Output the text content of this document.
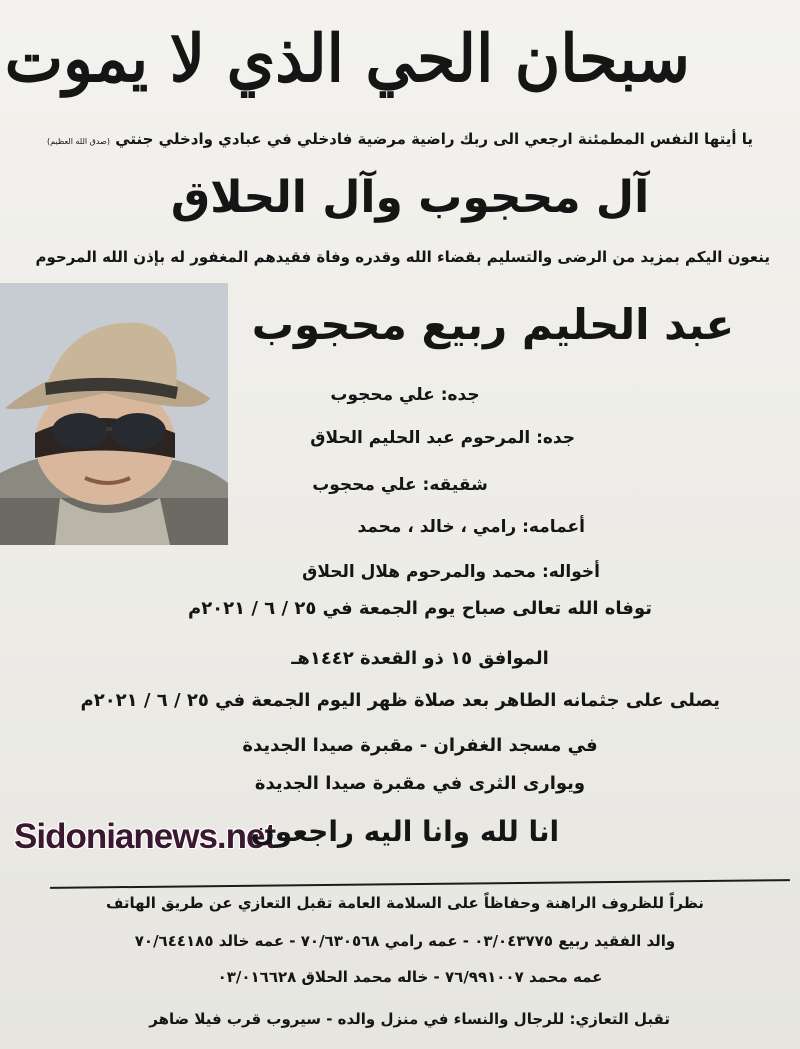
سبحان الحي الذي لا يموت
يا أيتها النفس المطمئنة ارجعي الى ربك راضية مرضية فادخلي في عبادي وادخلي جنتي (صدق الله العظيم)
آل محجوب وآل الحلاق
ينعون اليكم بمزيد من الرضى والتسليم بقضاء الله وقدره وفاة فقيدهم المغفور له بإذن الله المرحوم
عبد الحليم ربيع محجوب
جده: علي محجوب
جده: المرحوم عبد الحليم الحلاق
شقيقه: علي محجوب
أعمامه: رامي ، خالد ، محمد
أخواله: محمد والمرحوم هلال الحلاق
توفاه الله تعالى صباح يوم الجمعة في ٢٥ / ٦ / ٢٠٢١م
الموافق ١٥ ذو القعدة ١٤٤٢هـ
يصلى على جثمانه الطاهر بعد صلاة ظهر اليوم الجمعة في ٢٥ / ٦ / ٢٠٢١م
في مسجد الغفران - مقبرة صيدا الجديدة
ويوارى الثرى في مقبرة صيدا الجديدة
Sidonianews.net
انا لله وانا اليه راجعون
نظراً للظروف الراهنة وحفاظاً على السلامة العامة تقبل التعازي عن طريق الهاتف
والد الفقيد ربيع ٠٣/٠٤٣٧٧٥ - عمه رامي ٧٠/٦٣٠٥٦٨ - عمه خالد ٧٠/٦٤٤١٨٥
عمه محمد ٧٦/٩٩١٠٠٧ - خاله محمد الحلاق ٠٣/٠١٦٦٢٨
تقبل التعازي: للرجال والنساء في منزل والده - سيروب قرب فيلا ضاهر
